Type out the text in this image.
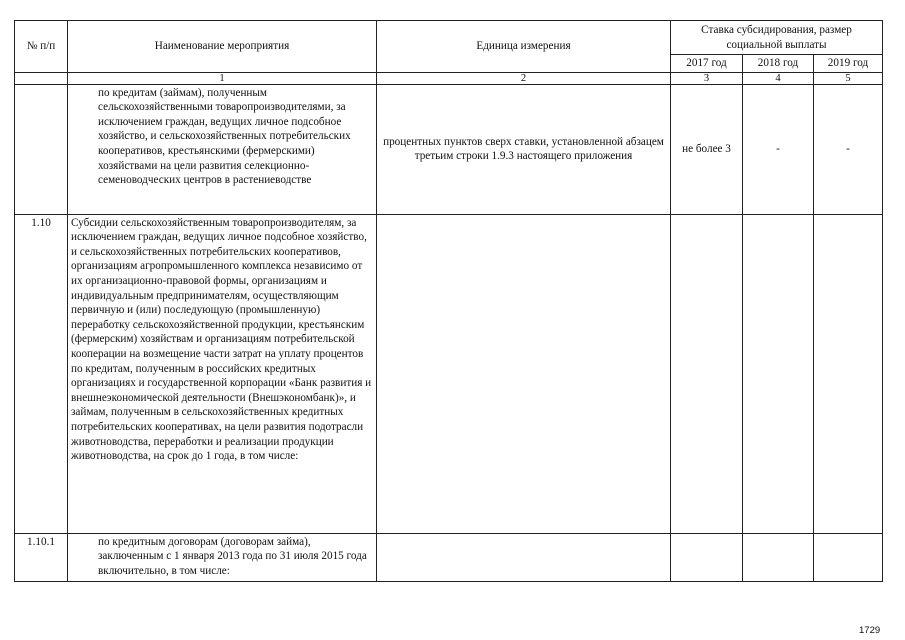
№ п/п	Наименование мероприятия	Единица измерения	Ставка субсидирования, размер социальной выплаты		
			2017 год	2018 год	2019 год
	1	2	3	4	5
	по кредитам (займам), полученным сельскохозяйственными товаропроизводителями, за исключением граждан, ведущих личное подсобное хозяйство, и сельскохозяйственных потребительских кооперативов, крестьянскими (фермерскими) хозяйствами на цели развития селекционно-семеноводческих центров в растениеводстве	процентных пунктов сверх ставки, установленной абзацем третьим строки 1.9.3 настоящего приложения	не более 3	-	-
1.10	Субсидии сельскохозяйственным товаропроизводителям, за исключением граждан, ведущих личное подсобное хозяйство, и сельскохозяйственных потребительских кооперативов, организациям агропромышленного комплекса независимо от их организационно-правовой формы, организациям и индивидуальным предпринимателям, осуществляющим первичную и (или) последующую (промышленную) переработку сельскохозяйственной продукции, крестьянским (фермерским) хозяйствам и организациям потребительской кооперации на возмещение части затрат на уплату процентов по кредитам, полученным в российских кредитных организациях и государственной корпорации «Банк развития и внешнеэкономической деятельности (Внешэкономбанк)», и займам, полученным в сельскохозяйственных кредитных потребительских кооперативах, на цели развития подотрасли животноводства, переработки и реализации продукции животноводства, на срок до 1 года, в том числе:				
1.10.1	по кредитным договорам (договорам займа), заключенным с 1 января 2013 года по 31 июля 2015 года включительно, в том числе:				
1729
